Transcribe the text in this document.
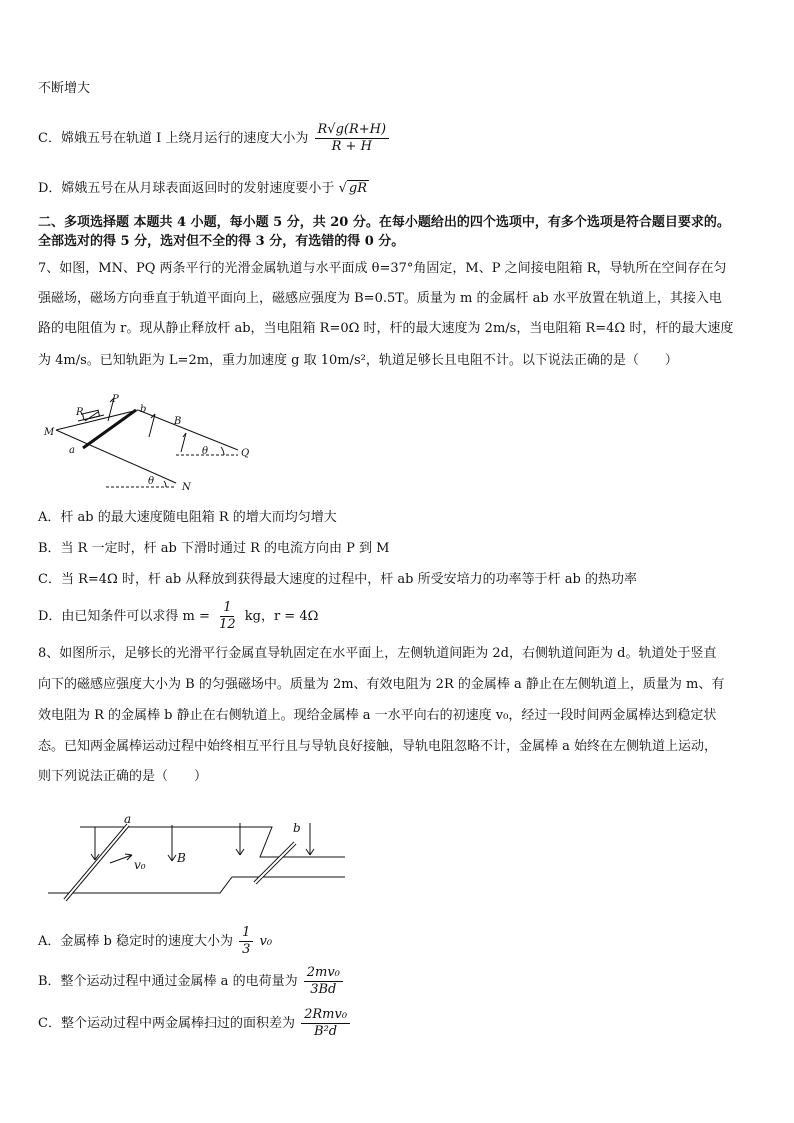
不断增大
C．嫦娥五号在轨道 I 上绕月运行的速度大小为 $\frac{R√g(R+H)}{R + H}$
D．嫦娥五号在从月球表面返回时的发射速度要小于 √ gR
二、多项选择题 本题共 4 小题，每小题 5 分，共 20 分。在每小题给出的四个选项中，有多个选项是符合题目要求的。
全部选对的得 5 分，选对但不全的得 3 分，有选错的得 0 分。
7、如图，MN、PQ 两条平行的光滑金属轨道与水平面成 θ=37°角固定，M、P 之间接电阻箱 R，导轨所在空间存在匀
强磁场，磁场方向垂直于轨道平面向上，磁感应强度为 B=0.5T。质量为 m 的金属杆 ab 水平放置在轨道上，其接入电
路的电阻值为 r。现从静止释放杆 ab，当电阻箱 R=0Ω 时，杆的最大速度为 2m/s，当电阻箱 R=4Ω 时，杆的最大速度
为 4m/s。已知轨距为 L=2m，重力加速度 g 取 10m/s²，轨道足够长且电阻不计。以下说法正确的是（　　）
M
N
P
Q
a
b
R
B
θ
θ
A．杆 ab 的最大速度随电阻箱 R 的增大而均匀增大
B．当 R 一定时，杆 ab 下滑时通过 R 的电流方向由 P 到 M
C．当 R=4Ω 时，杆 ab 从释放到获得最大速度的过程中，杆 ab 所受安培力的功率等于杆 ab 的热功率
D．由已知条件可以求得 $m = \frac{1}{12}$ kg，r = 4Ω
8、如图所示，足够长的光滑平行金属直导轨固定在水平面上，左侧轨道间距为 2d，右侧轨道间距为 d。轨道处于竖直
向下的磁感应强度大小为 B 的匀强磁场中。质量为 2m、有效电阻为 2R 的金属棒 a 静止在左侧轨道上，质量为 m、有
效电阻为 R 的金属棒 b 静止在右侧轨道上。现给金属棒 a 一水平向右的初速度 v₀，经过一段时间两金属棒达到稳定状
态。已知两金属棒运动过程中始终相互平行且与导轨良好接触，导轨电阻忽略不计，金属棒 a 始终在左侧轨道上运动，
则下列说法正确的是（　　）
a
b
v₀	B
A．金属棒 b 稳定时的速度大小为 $\frac{1}{3} v_0$
B．整个运动过程中通过金属棒 a 的电荷量为 $\frac{\text{2mv₀}}{3Bd}$
C．整个运动过程中两金属棒扫过的面积差为 $\frac{\text{2Rmv₀}}{\text{B²d}}$
